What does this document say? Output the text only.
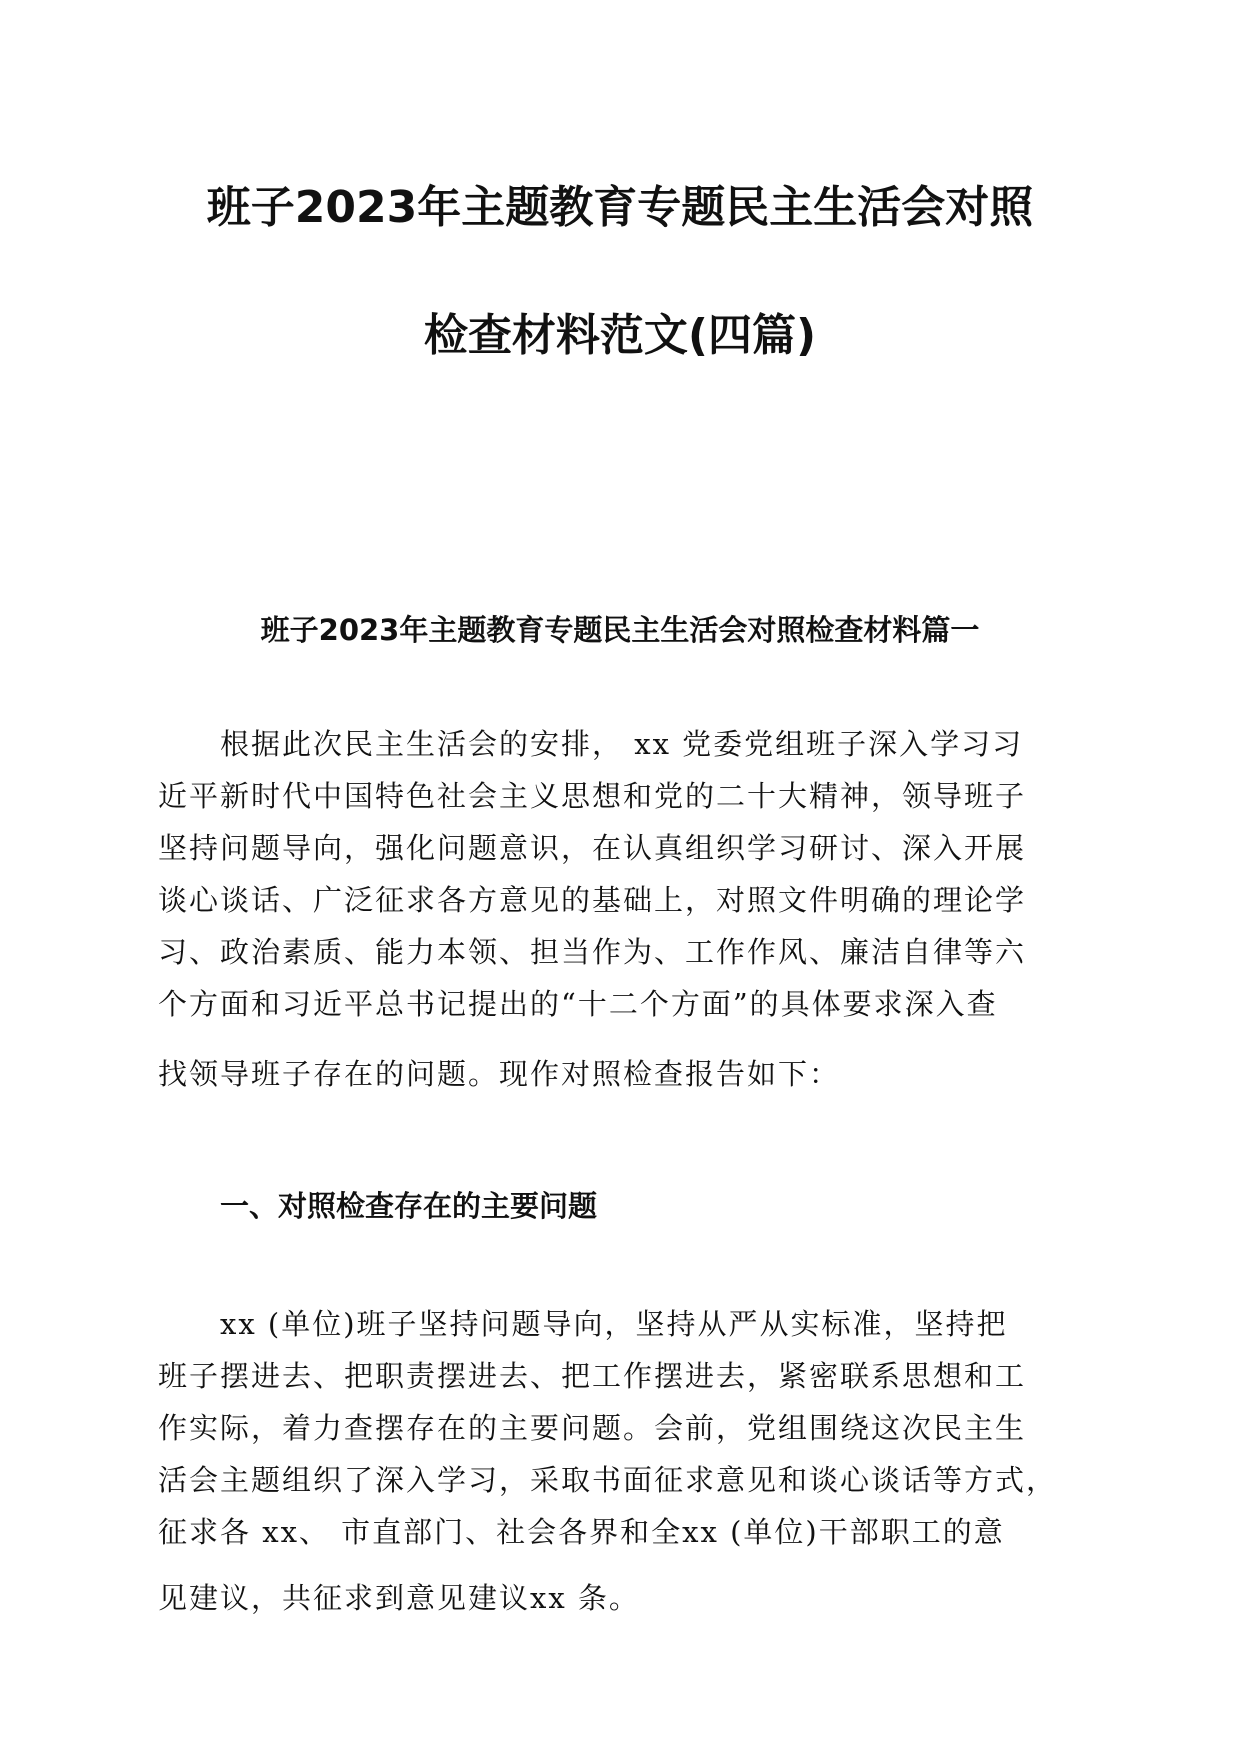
班子2023年主题教育专题民主生活会对照
检查材料范文(四篇)
班子2023年主题教育专题民主生活会对照检查材料篇一
根据此次民主生活会的安排， xx 党委党组班子深入学习习
近平新时代中国特色社会主义思想和党的二十大精神，领导班子
坚持问题导向，强化问题意识，在认真组织学习研讨、深入开展
谈心谈话、广泛征求各方意见的基础上，对照文件明确的理论学
习、政治素质、能力本领、担当作为、工作作风、廉洁自律等六
个方面和习近平总书记提出的“十二个方面”的具体要求深入查
找领导班子存在的问题。现作对照检查报告如下：
一、对照检查存在的主要问题
xx (单位)班子坚持问题导向，坚持从严从实标准，坚持把
班子摆进去、把职责摆进去、把工作摆进去，紧密联系思想和工
作实际，着力查摆存在的主要问题。会前，党组围绕这次民主生
活会主题组织了深入学习，采取书面征求意见和谈心谈话等方式，
征求各 xx、 市直部门、社会各界和全xx (单位)干部职工的意
见建议，共征求到意见建议xx 条。
